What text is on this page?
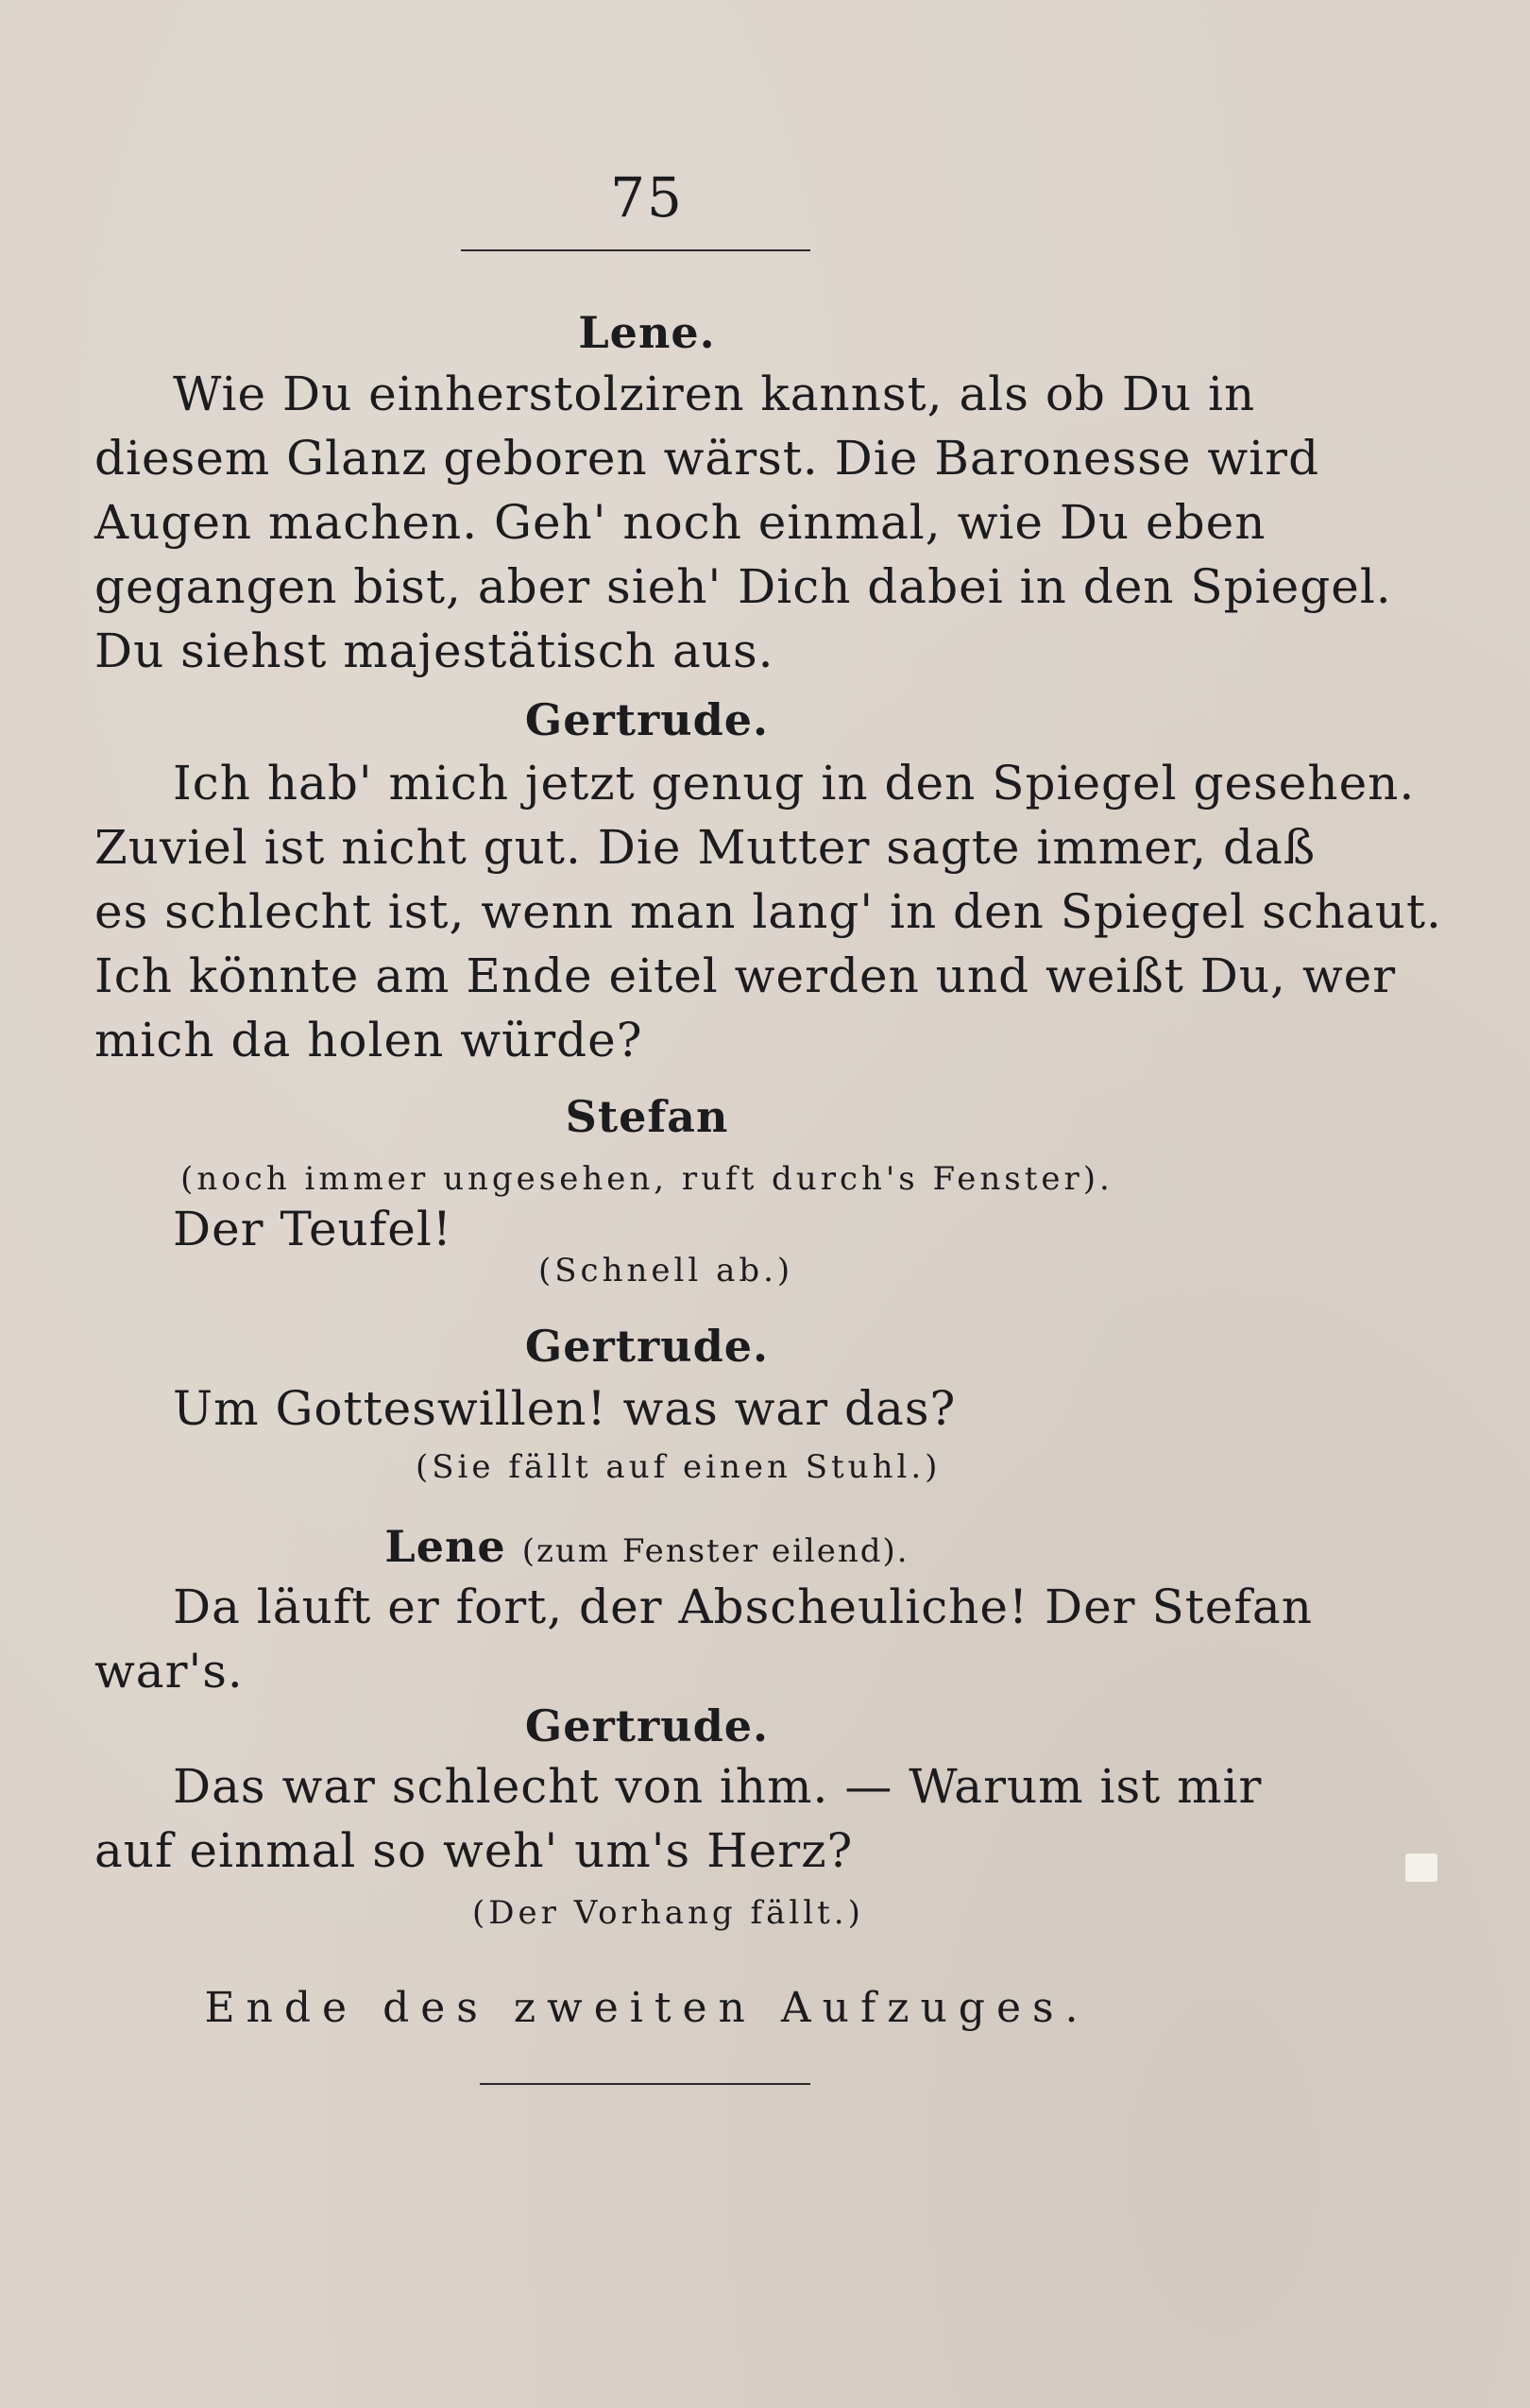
75
Lene.
Wie Du einherstolziren kannst, als ob Du in
diesem Glanz geboren wärst. Die Baronesse wird
Augen machen. Geh' noch einmal, wie Du eben
gegangen bist, aber sieh' Dich dabei in den Spiegel.
Du siehst majestätisch aus.
Gertrude.
Ich hab' mich jetzt genug in den Spiegel gesehen.
Zuviel ist nicht gut. Die Mutter sagte immer, daß
es schlecht ist, wenn man lang' in den Spiegel schaut.
Ich könnte am Ende eitel werden und weißt Du, wer
mich da holen würde?
Stefan
(noch immer ungesehen, ruft durch's Fenster).
Der Teufel!
(Schnell ab.)
Gertrude.
Um Gotteswillen! was war das?
(Sie fällt auf einen Stuhl.)
Lene (zum Fenster eilend).
Da läuft er fort, der Abscheuliche! Der Stefan
war's.
Gertrude.
Das war schlecht von ihm. — Warum ist mir
auf einmal so weh' um's Herz?
(Der Vorhang fällt.)
Ende des zweiten Aufzuges.
